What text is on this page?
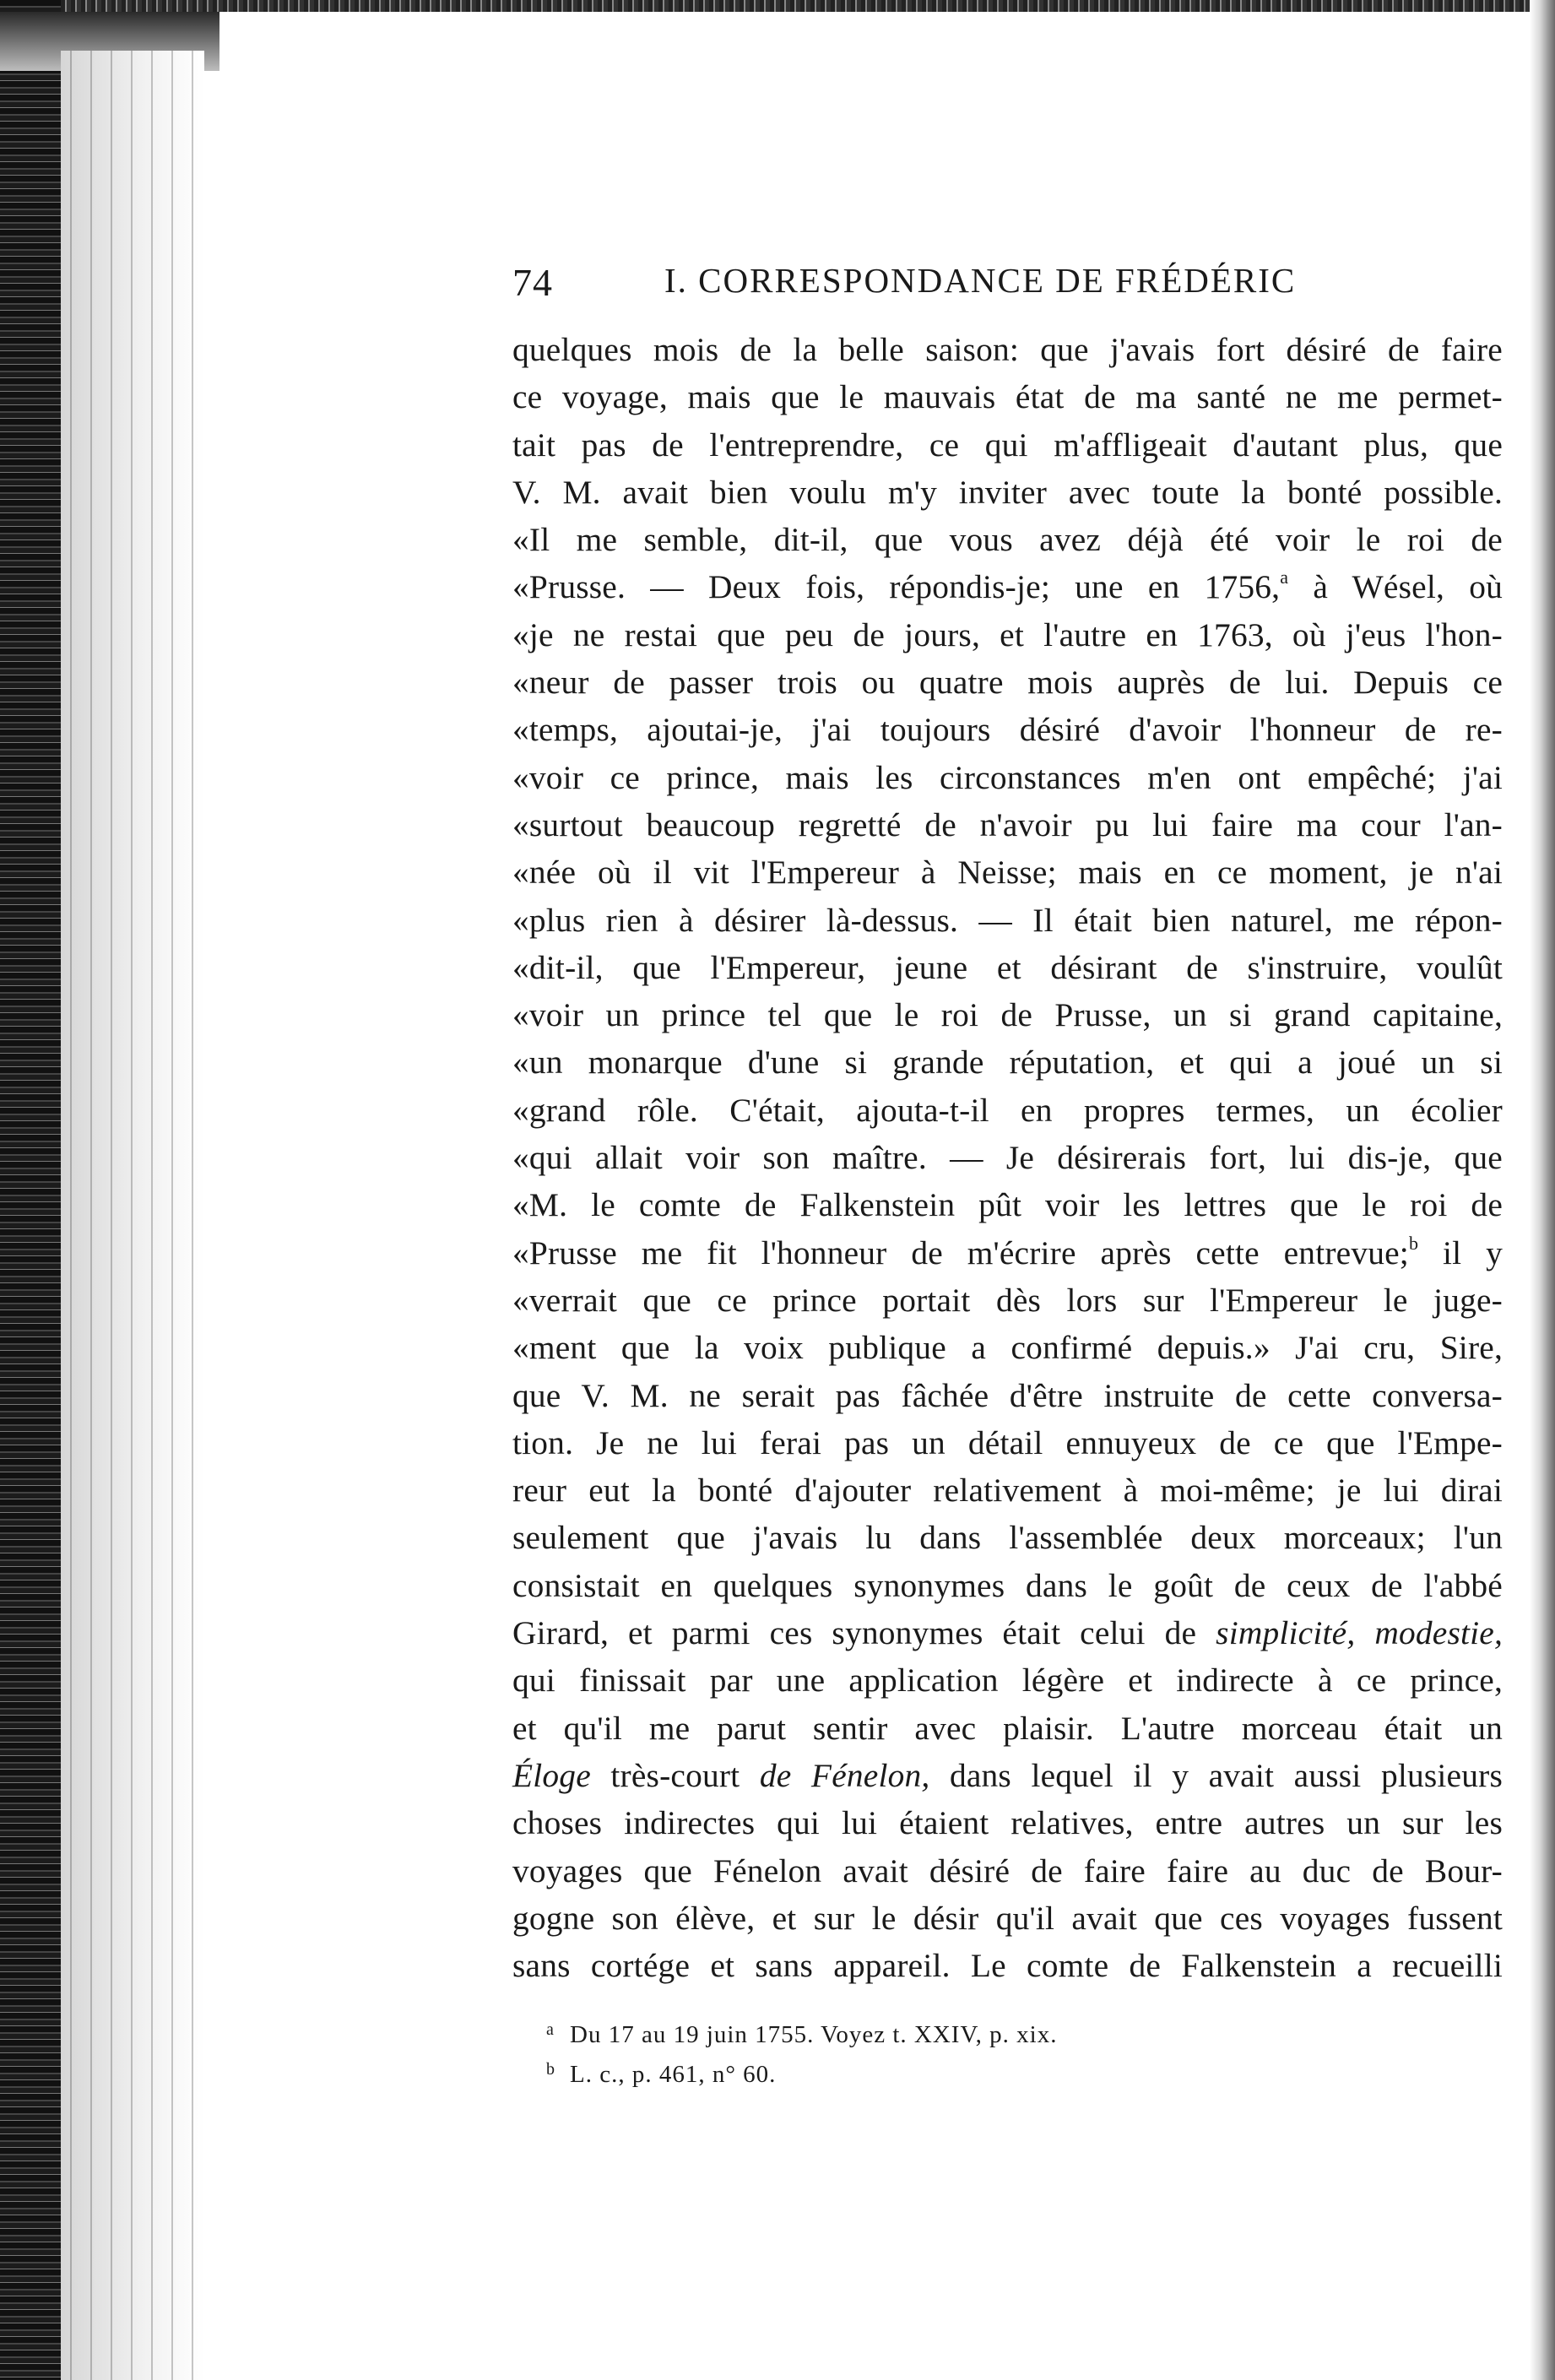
74	I. CORRESPONDANCE DE FRÉDÉRIC
quelques mois de la belle saison: que j'avais fort désiré de faire
ce voyage, mais que le mauvais état de ma santé ne me permet-
tait pas de l'entreprendre, ce qui m'affligeait d'autant plus, que
V. M. avait bien voulu m'y inviter avec toute la bonté possible.
«Il me semble, dit-il, que vous avez déjà été voir le roi de
«Prusse. — Deux fois, répondis-je; une en 1756,$^a$ à Wésel, où
«je ne restai que peu de jours, et l'autre en 1763, où j'eus l'hon-
«neur de passer trois ou quatre mois auprès de lui. Depuis ce
«temps, ajoutai-je, j'ai toujours désiré d'avoir l'honneur de re-
«voir ce prince, mais les circonstances m'en ont empêché; j'ai
«surtout beaucoup regretté de n'avoir pu lui faire ma cour l'an-
«née où il vit l'Empereur à Neisse; mais en ce moment, je n'ai
«plus rien à désirer là-dessus. — Il était bien naturel, me répon-
«dit-il, que l'Empereur, jeune et désirant de s'instruire, voulût
«voir un prince tel que le roi de Prusse, un si grand capitaine,
«un monarque d'une si grande réputation, et qui a joué un si
«grand rôle. C'était, ajouta-t-il en propres termes, un écolier
«qui allait voir son maître. — Je désirerais fort, lui dis-je, que
«M. le comte de Falkenstein pût voir les lettres que le roi de
«Prusse me fit l'honneur de m'écrire après cette entrevue;$^b$ il y
«verrait que ce prince portait dès lors sur l'Empereur le juge-
«ment que la voix publique a confirmé depuis.» J'ai cru, Sire,
que V. M. ne serait pas fâchée d'être instruite de cette conversa-
tion. Je ne lui ferai pas un détail ennuyeux de ce que l'Empe-
reur eut la bonté d'ajouter relativement à moi-même; je lui dirai
seulement que j'avais lu dans l'assemblée deux morceaux; l'un
consistait en quelques synonymes dans le goût de ceux de l'abbé
Girard, et parmi ces synonymes était celui de simplicité, modestie,
qui finissait par une application légère et indirecte à ce prince,
et qu'il me parut sentir avec plaisir. L'autre morceau était un
Éloge très-court de Fénelon, dans lequel il y avait aussi plusieurs
choses indirectes qui lui étaient relatives, entre autres un sur les
voyages que Fénelon avait désiré de faire faire au duc de Bour-
gogne son élève, et sur le désir qu'il avait que ces voyages fussent
sans cortége et sans appareil. Le comte de Falkenstein a recueilli
a Du 17 au 19 juin 1755. Voyez t. XXIV, p. xix.
b L. c., p. 461, n° 60.
